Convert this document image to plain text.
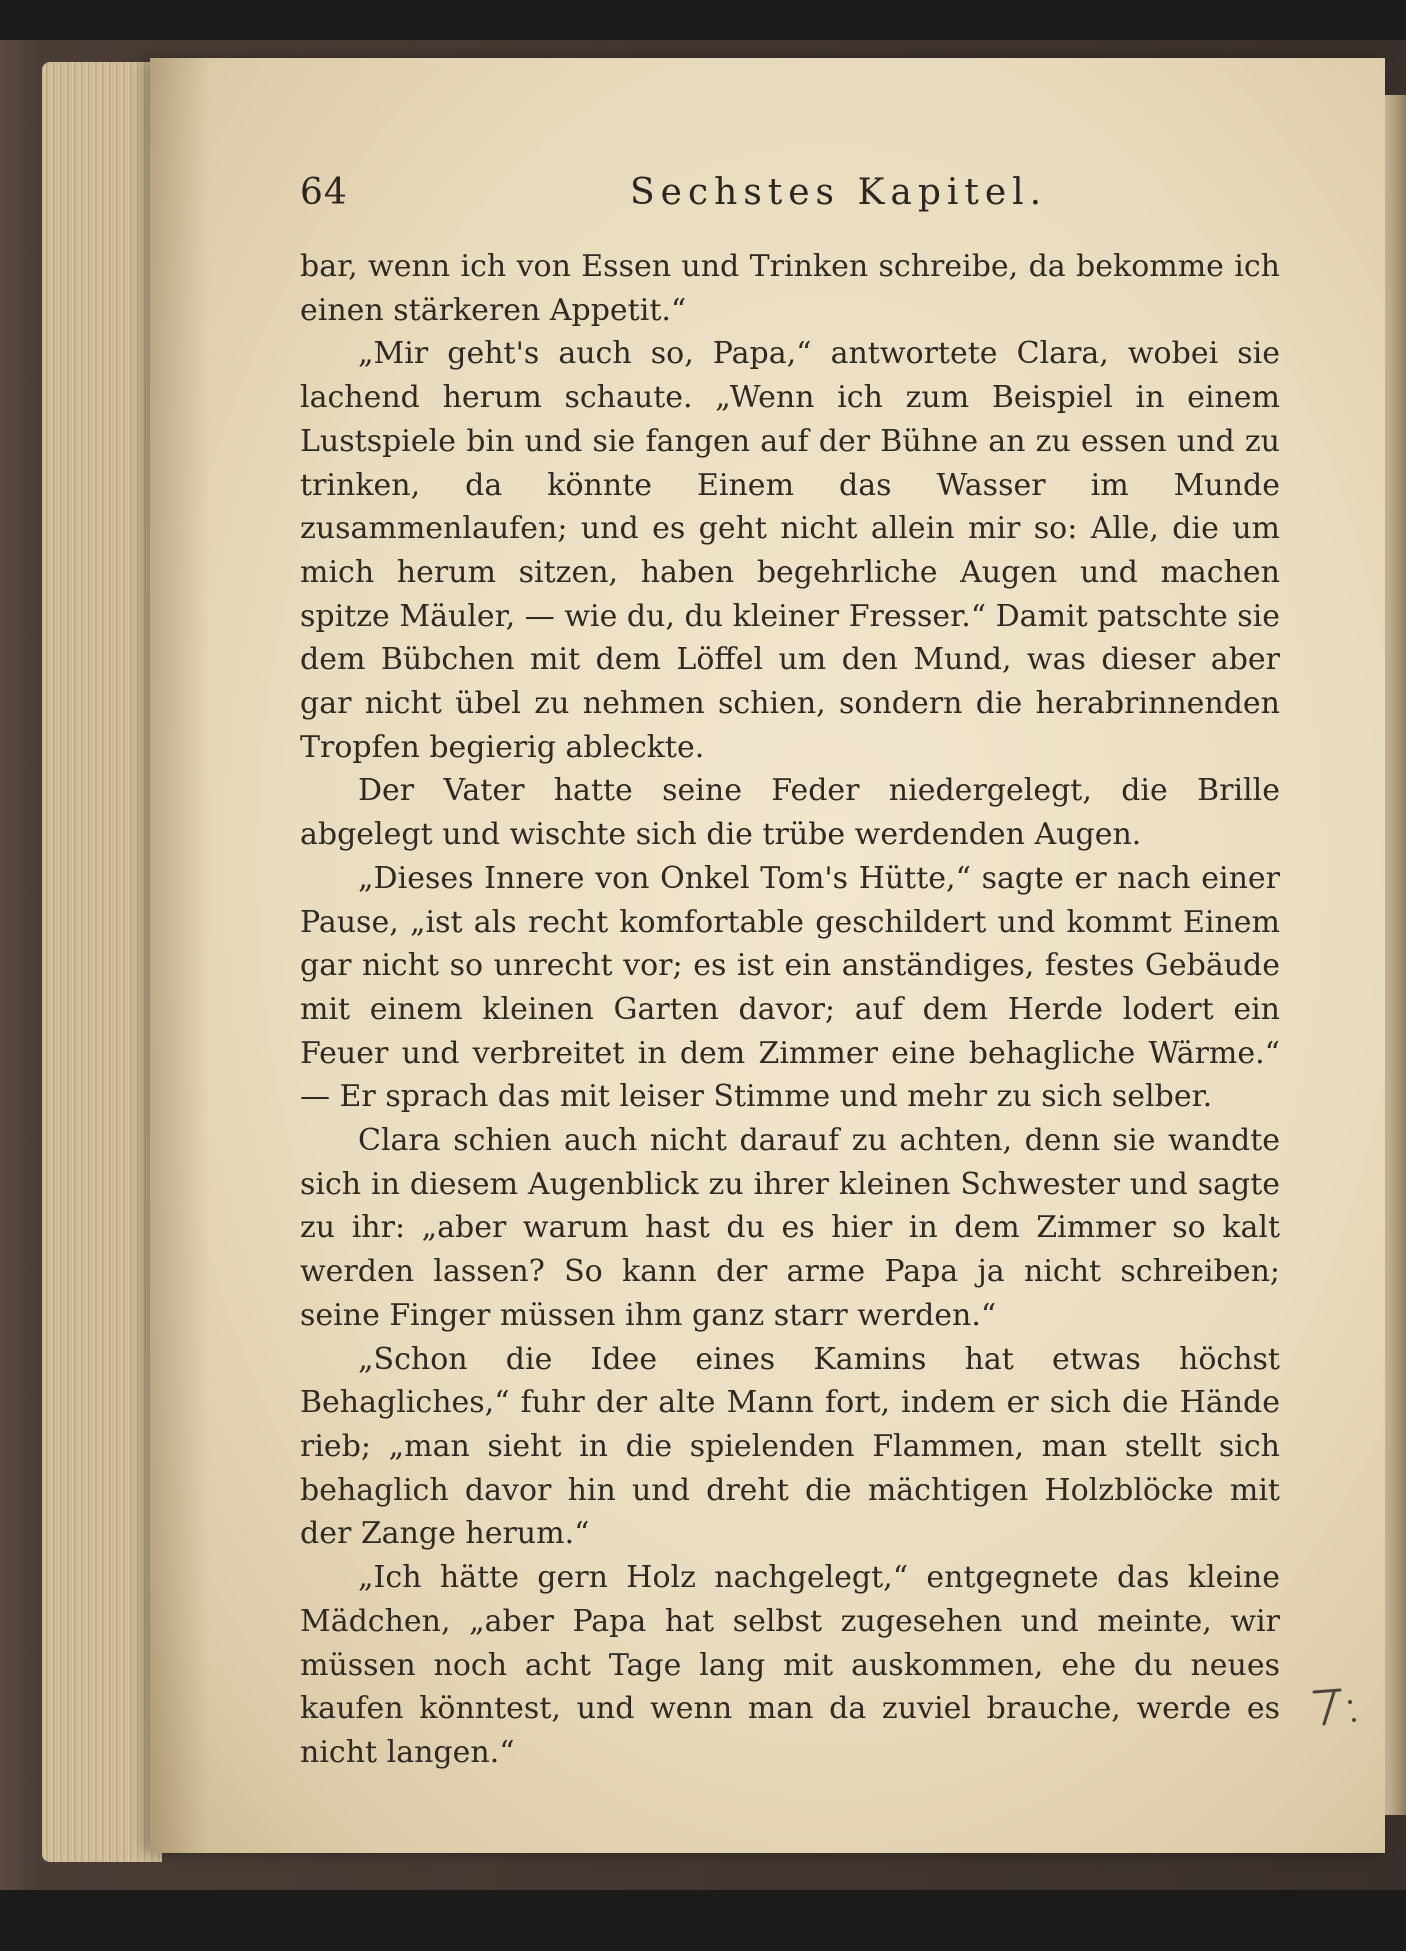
64	Sechstes Kapitel.

bar, wenn ich von Essen und Trinken schreibe, da bekomme ich einen stärkeren Appetit.“

„Mir geht's auch so, Papa,“ antwortete Clara, wobei sie lachend herum schaute. „Wenn ich zum Beispiel in einem Lustspiele bin und sie fangen auf der Bühne an zu essen und zu trinken, da könnte Einem das Wasser im Munde zusammenlaufen; und es geht nicht allein mir so: Alle, die um mich herum sitzen, haben begehrliche Augen und machen spitze Mäuler, — wie du, du kleiner Fresser.“ Damit patschte sie dem Bübchen mit dem Löffel um den Mund, was dieser aber gar nicht übel zu nehmen schien, sondern die herabrinnenden Tropfen begierig ableckte.

Der Vater hatte seine Feder niedergelegt, die Brille abgelegt und wischte sich die trübe werdenden Augen.

„Dieses Innere von Onkel Tom's Hütte,“ sagte er nach einer Pause, „ist als recht komfortable geschildert und kommt Einem gar nicht so unrecht vor; es ist ein anständiges, festes Gebäude mit einem kleinen Garten davor; auf dem Herde lodert ein Feuer und verbreitet in dem Zimmer eine behagliche Wärme.“ — Er sprach das mit leiser Stimme und mehr zu sich selber.

Clara schien auch nicht darauf zu achten, denn sie wandte sich in diesem Augenblick zu ihrer kleinen Schwester und sagte zu ihr: „aber warum hast du es hier in dem Zimmer so kalt werden lassen? So kann der arme Papa ja nicht schreiben; seine Finger müssen ihm ganz starr werden.“

„Schon die Idee eines Kamins hat etwas höchst Behagliches,“ fuhr der alte Mann fort, indem er sich die Hände rieb; „man sieht in die spielenden Flammen, man stellt sich behaglich davor hin und dreht die mächtigen Holzblöcke mit der Zange herum.“

„Ich hätte gern Holz nachgelegt,“ entgegnete das kleine Mädchen, „aber Papa hat selbst zugesehen und meinte, wir müssen noch acht Tage lang mit auskommen, ehe du neues kaufen könntest, und wenn man da zuviel brauche, werde es nicht langen.“
